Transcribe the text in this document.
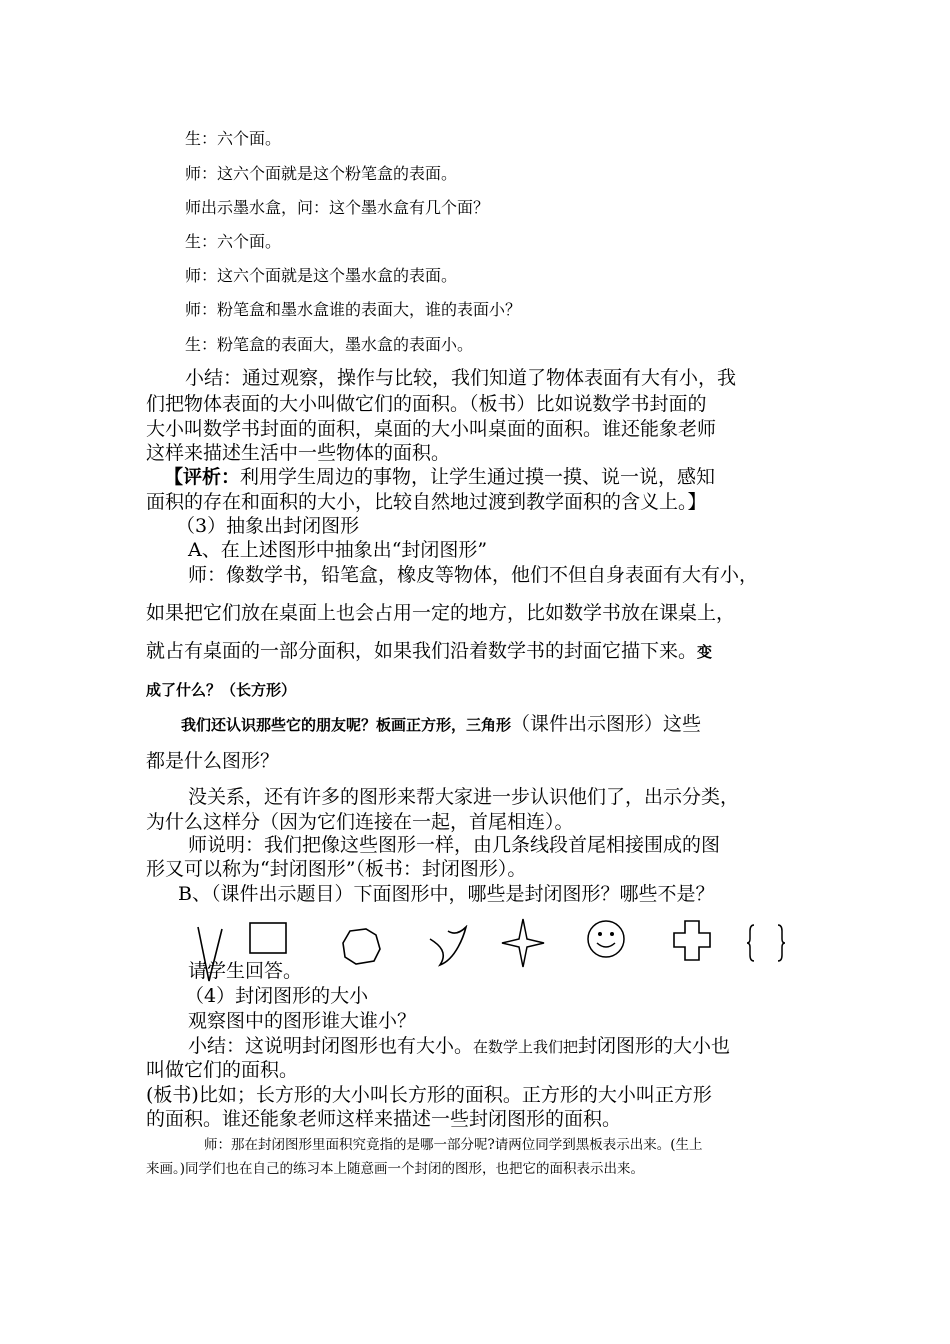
生：六个面。
师：这六个面就是这个粉笔盒的表面。
师出示墨水盒，问：这个墨水盒有几个面？
生：六个面。
师：这六个面就是这个墨水盒的表面。
师：粉笔盒和墨水盒谁的表面大，谁的表面小？
生：粉笔盒的表面大，墨水盒的表面小。
小结：通过观察，操作与比较，我们知道了物体表面有大有小，我
们把物体表面的大小叫做它们的面积。（板书）比如说数学书封面的
大小叫数学书封面的面积，桌面的大小叫桌面的面积。谁还能象老师
这样来描述生活中一些物体的面积。
【评析：利用学生周边的事物，让学生通过摸一摸、说一说，感知
面积的存在和面积的大小，比较自然地过渡到教学面积的含义上。】
（3）抽象出封闭图形
A、在上述图形中抽象出“封闭图形”
师：像数学书，铅笔盒，橡皮等物体，他们不但自身表面有大有小，
如果把它们放在桌面上也会占用一定的地方，比如数学书放在课桌上，
就占有桌面的一部分面积，如果我们沿着数学书的封面它描下来。变
成了什么？（长方形）
我们还认识那些它的朋友呢？板画正方形，三角形（课件出示图形）这些
都是什么图形？
没关系，还有许多的图形来帮大家进一步认识他们了，出示分类，
为什么这样分（因为它们连接在一起，首尾相连）。
师说明：我们把像这些图形一样，由几条线段首尾相接围成的图
形又可以称为“封闭图形”（板书：封闭图形）。
B、（课件出示题目）下面图形中，哪些是封闭图形？哪些不是？
请学生回答。
（4）封闭图形的大小
观察图中的图形谁大谁小？
小结：这说明封闭图形也有大小。在数学上我们把封闭图形的大小也
叫做它们的面积。
(板书)比如；长方形的大小叫长方形的面积。正方形的大小叫正方形
的面积。谁还能象老师这样来描述一些封闭图形的面积。
师：那在封闭图形里面积究竟指的是哪一部分呢?请两位同学到黑板表示出来。(生上
来画。)同学们也在自己的练习本上随意画一个封闭的图形，也把它的面积表示出来。
